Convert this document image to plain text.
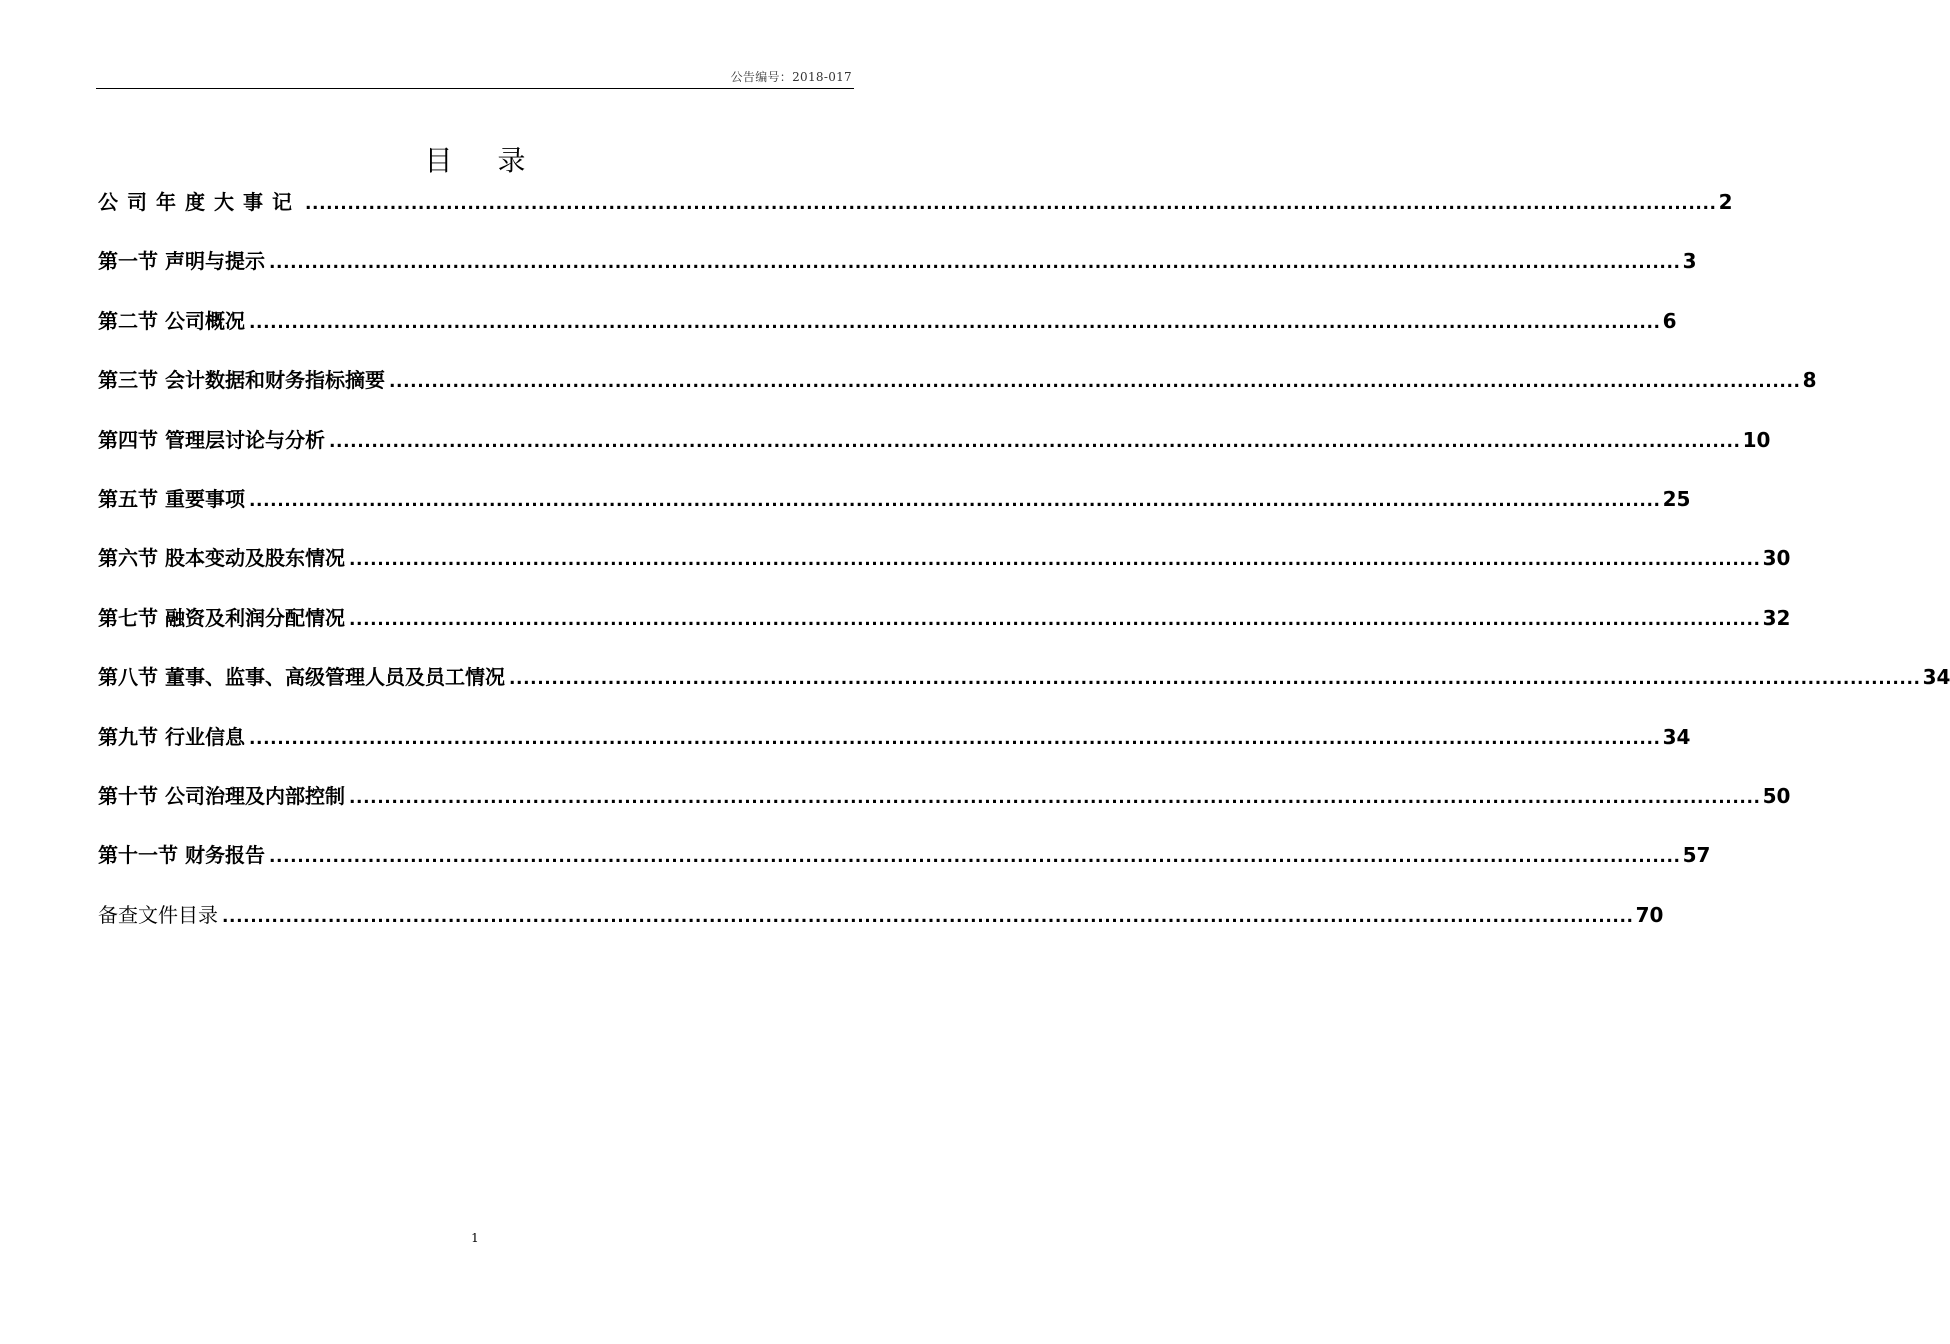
公告编号：2018-017
目 录
公司年度大事记 ........................................................................................................................................................................................................ 2
第一节 声明与提示 ........................................................................................................................................................................................................ 3
第二节 公司概况 ........................................................................................................................................................................................................ 6
第三节 会计数据和财务指标摘要 ........................................................................................................................................................................................................ 8
第四节 管理层讨论与分析 ........................................................................................................................................................................................................ 10
第五节 重要事项 ........................................................................................................................................................................................................ 25
第六节 股本变动及股东情况 ........................................................................................................................................................................................................ 30
第七节 融资及利润分配情况 ........................................................................................................................................................................................................ 32
第八节 董事、监事、高级管理人员及员工情况 ........................................................................................................................................................................................................ 34
第九节 行业信息 ........................................................................................................................................................................................................ 34
第十节 公司治理及内部控制 ........................................................................................................................................................................................................ 50
第十一节 财务报告 ........................................................................................................................................................................................................ 57
备查文件目录 ........................................................................................................................................................................................................ 70
1
